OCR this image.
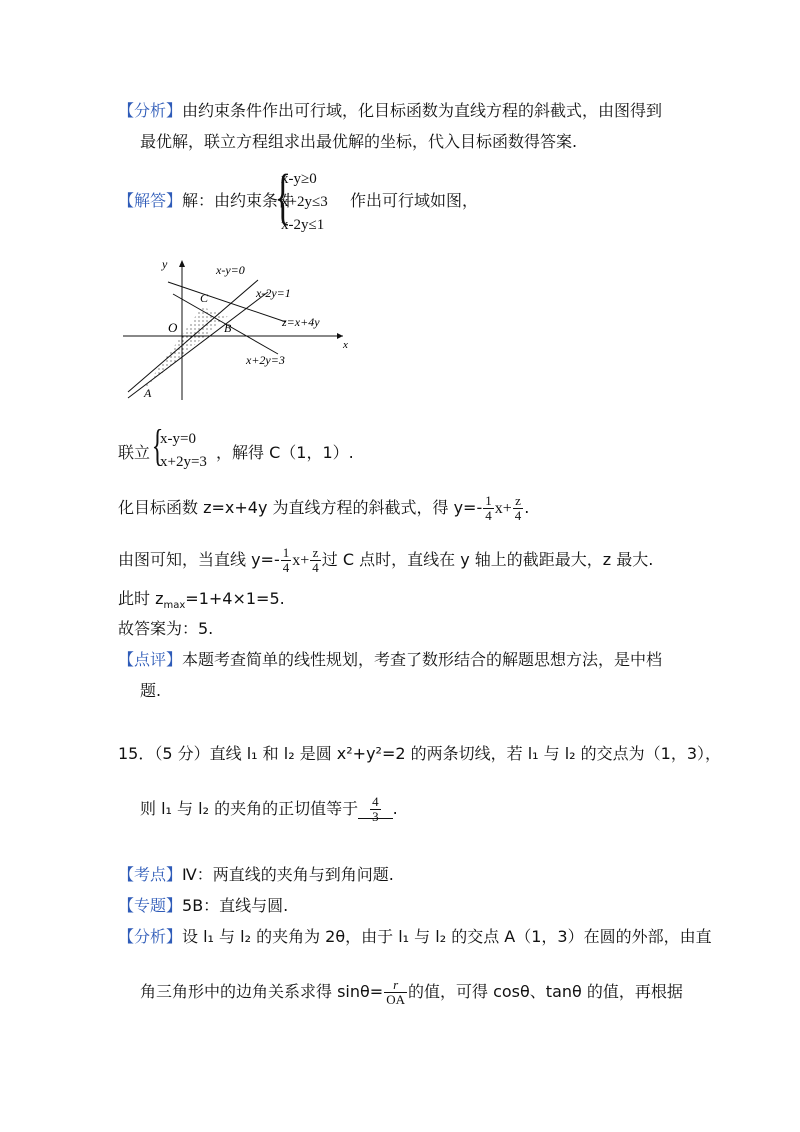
【分析】由约束条件作出可行域，化目标函数为直线方程的斜截式，由图得到
最优解，联立方程组求出最优解的坐标，代入目标函数得答案.
【解答】解：由约束条件
{
x-y≥0
x+2y≤3
x-2y≤1
作出可行域如图，
y
x
O
A
B
C
x-y=0
x-2y=1
z=x+4y
x+2y=3
联立 {
x-y=0
x+2y=3 ，解得 C（1，1）.
化目标函数 z=x+4y 为直线方程的斜截式，得 $y=- \frac{1}{4} x+ \frac{z}{4}$ .
由图可知，当直线 $y=- \frac{1}{4} x+ \frac{z}{4}$ 过 C 点时，直线在 y 轴上的截距最大，z 最大.
此时 $z_{max}=1+4\times 1=5$.
故答案为：5.
【点评】本题考查简单的线性规划，考查了数形结合的解题思想方法，是中档
题.
15．（5 分）直线 l₁ 和 l₂ 是圆 x²+y²=2 的两条切线，若 l₁ 与 l₂ 的交点为（1，3），
则 l₁ 与 l₂ 的夹角的正切值等于 $\frac{4}{3}$ .
【考点】Ⅳ：两直线的夹角与到角问题.
【专题】5B：直线与圆.
【分析】设 l₁ 与 l₂ 的夹角为 2θ，由于 l₁ 与 l₂ 的交点 A（1，3）在圆的外部，由直
角三角形中的边角关系求得 $\sin\theta= \frac{r}{OA}$ 的值，可得 cosθ、tanθ 的值，再根据
